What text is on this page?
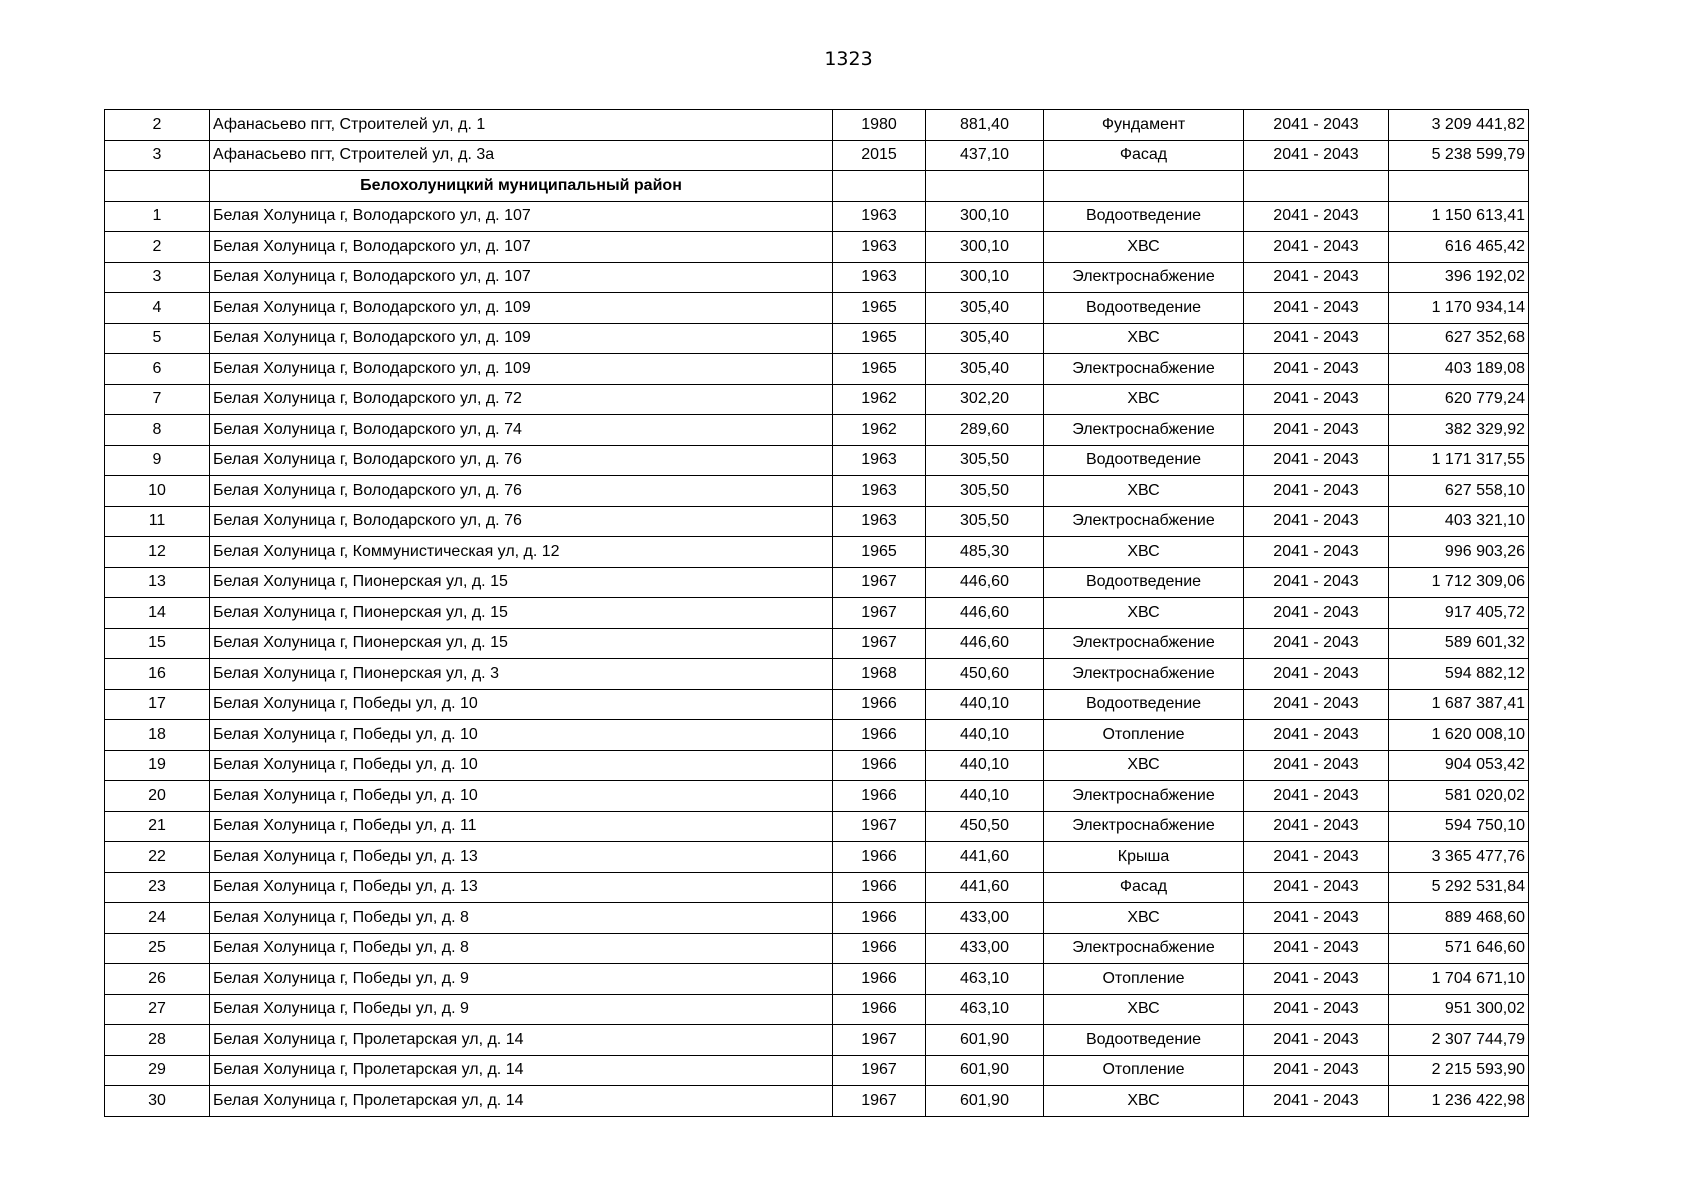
1323
2	Афанасьево пгт, Строителей ул, д. 1	1980	881,40	Фундамент	2041 - 2043	3 209 441,82
3	Афанасьево пгт, Строителей ул, д. 3а	2015	437,10	Фасад	2041 - 2043	5 238 599,79
	Белохолуницкий муниципальный район					
1	Белая Холуница г, Володарского ул, д. 107	1963	300,10	Водоотведение	2041 - 2043	1 150 613,41
2	Белая Холуница г, Володарского ул, д. 107	1963	300,10	ХВС	2041 - 2043	616 465,42
3	Белая Холуница г, Володарского ул, д. 107	1963	300,10	Электроснабжение	2041 - 2043	396 192,02
4	Белая Холуница г, Володарского ул, д. 109	1965	305,40	Водоотведение	2041 - 2043	1 170 934,14
5	Белая Холуница г, Володарского ул, д. 109	1965	305,40	ХВС	2041 - 2043	627 352,68
6	Белая Холуница г, Володарского ул, д. 109	1965	305,40	Электроснабжение	2041 - 2043	403 189,08
7	Белая Холуница г, Володарского ул, д. 72	1962	302,20	ХВС	2041 - 2043	620 779,24
8	Белая Холуница г, Володарского ул, д. 74	1962	289,60	Электроснабжение	2041 - 2043	382 329,92
9	Белая Холуница г, Володарского ул, д. 76	1963	305,50	Водоотведение	2041 - 2043	1 171 317,55
10	Белая Холуница г, Володарского ул, д. 76	1963	305,50	ХВС	2041 - 2043	627 558,10
11	Белая Холуница г, Володарского ул, д. 76	1963	305,50	Электроснабжение	2041 - 2043	403 321,10
12	Белая Холуница г, Коммунистическая ул, д. 12	1965	485,30	ХВС	2041 - 2043	996 903,26
13	Белая Холуница г, Пионерская ул, д. 15	1967	446,60	Водоотведение	2041 - 2043	1 712 309,06
14	Белая Холуница г, Пионерская ул, д. 15	1967	446,60	ХВС	2041 - 2043	917 405,72
15	Белая Холуница г, Пионерская ул, д. 15	1967	446,60	Электроснабжение	2041 - 2043	589 601,32
16	Белая Холуница г, Пионерская ул, д. 3	1968	450,60	Электроснабжение	2041 - 2043	594 882,12
17	Белая Холуница г, Победы ул, д. 10	1966	440,10	Водоотведение	2041 - 2043	1 687 387,41
18	Белая Холуница г, Победы ул, д. 10	1966	440,10	Отопление	2041 - 2043	1 620 008,10
19	Белая Холуница г, Победы ул, д. 10	1966	440,10	ХВС	2041 - 2043	904 053,42
20	Белая Холуница г, Победы ул, д. 10	1966	440,10	Электроснабжение	2041 - 2043	581 020,02
21	Белая Холуница г, Победы ул, д. 11	1967	450,50	Электроснабжение	2041 - 2043	594 750,10
22	Белая Холуница г, Победы ул, д. 13	1966	441,60	Крыша	2041 - 2043	3 365 477,76
23	Белая Холуница г, Победы ул, д. 13	1966	441,60	Фасад	2041 - 2043	5 292 531,84
24	Белая Холуница г, Победы ул, д. 8	1966	433,00	ХВС	2041 - 2043	889 468,60
25	Белая Холуница г, Победы ул, д. 8	1966	433,00	Электроснабжение	2041 - 2043	571 646,60
26	Белая Холуница г, Победы ул, д. 9	1966	463,10	Отопление	2041 - 2043	1 704 671,10
27	Белая Холуница г, Победы ул, д. 9	1966	463,10	ХВС	2041 - 2043	951 300,02
28	Белая Холуница г, Пролетарская ул, д. 14	1967	601,90	Водоотведение	2041 - 2043	2 307 744,79
29	Белая Холуница г, Пролетарская ул, д. 14	1967	601,90	Отопление	2041 - 2043	2 215 593,90
30	Белая Холуница г, Пролетарская ул, д. 14	1967	601,90	ХВС	2041 - 2043	1 236 422,98
